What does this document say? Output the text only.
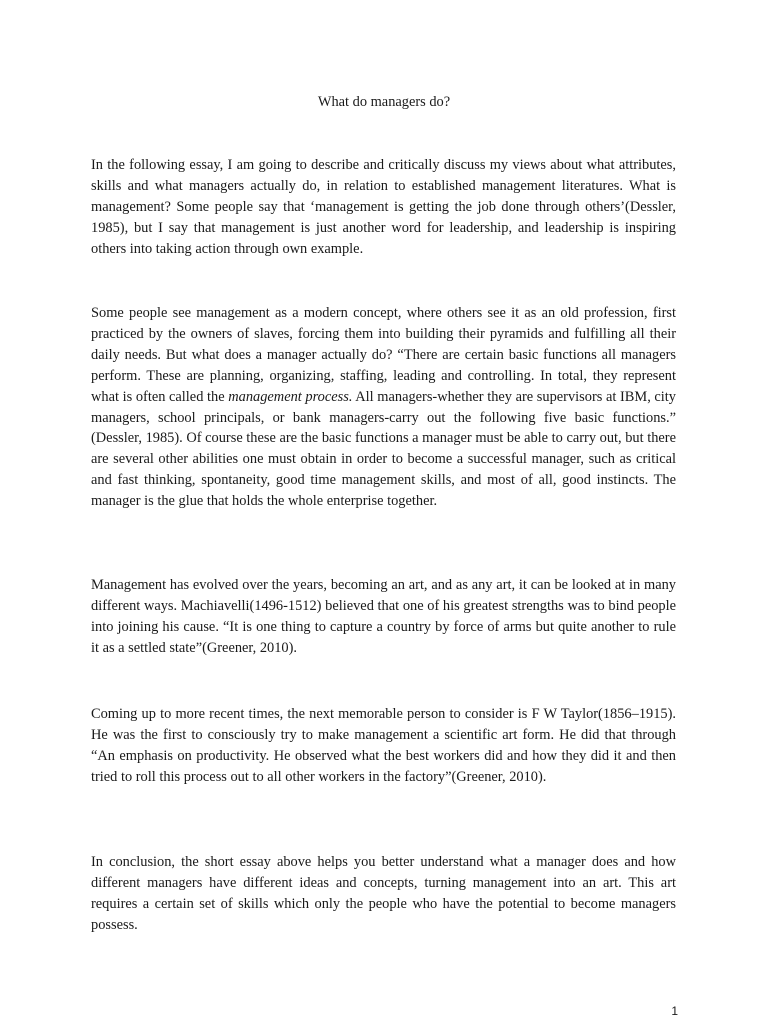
What do managers do?

In the following essay, I am going to describe and critically discuss my views about what attributes, skills and what managers actually do, in relation to established management literatures. What is management? Some people say that ‘management is getting the job done through others’(Dessler, 1985), but I say that management is just another word for leadership, and leadership is inspiring others into taking action through own example.

Some people see management as a modern concept, where others see it as an old profession, first practiced by the owners of slaves, forcing them into building their pyramids and fulfilling all their daily needs. But what does a manager actually do? “There are certain basic functions all managers perform. These are planning, organizing, staffing, leading and controlling. In total, they represent what is often called the management process. All managers-whether they are supervisors at IBM, city managers, school principals, or bank managers-carry out the following five basic functions.” (Dessler, 1985). Of course these are the basic functions a manager must be able to carry out, but there are several other abilities one must obtain in order to become a successful manager, such as critical and fast thinking, spontaneity, good time management skills, and most of all, good instincts. The manager is the glue that holds the whole enterprise together.

Management has evolved over the years, becoming an art, and as any art, it can be looked at in many different ways. Machiavelli(1496-1512) believed that one of his greatest strengths was to bind people into joining his cause. “It is one thing to capture a country by force of arms but quite another to rule it as a settled state”(Greener, 2010).

Coming up to more recent times, the next memorable person to consider is F W Taylor(1856–1915). He was the first to consciously try to make management a scientific art form. He did that through “An emphasis on productivity. He observed what the best workers did and how they did it and then tried to roll this process out to all other workers in the factory”(Greener, 2010).

In conclusion, the short essay above helps you better understand what a manager does and how different managers have different ideas and concepts, turning management into an art. This art requires a certain set of skills which only the people who have the potential to become managers possess.

1
